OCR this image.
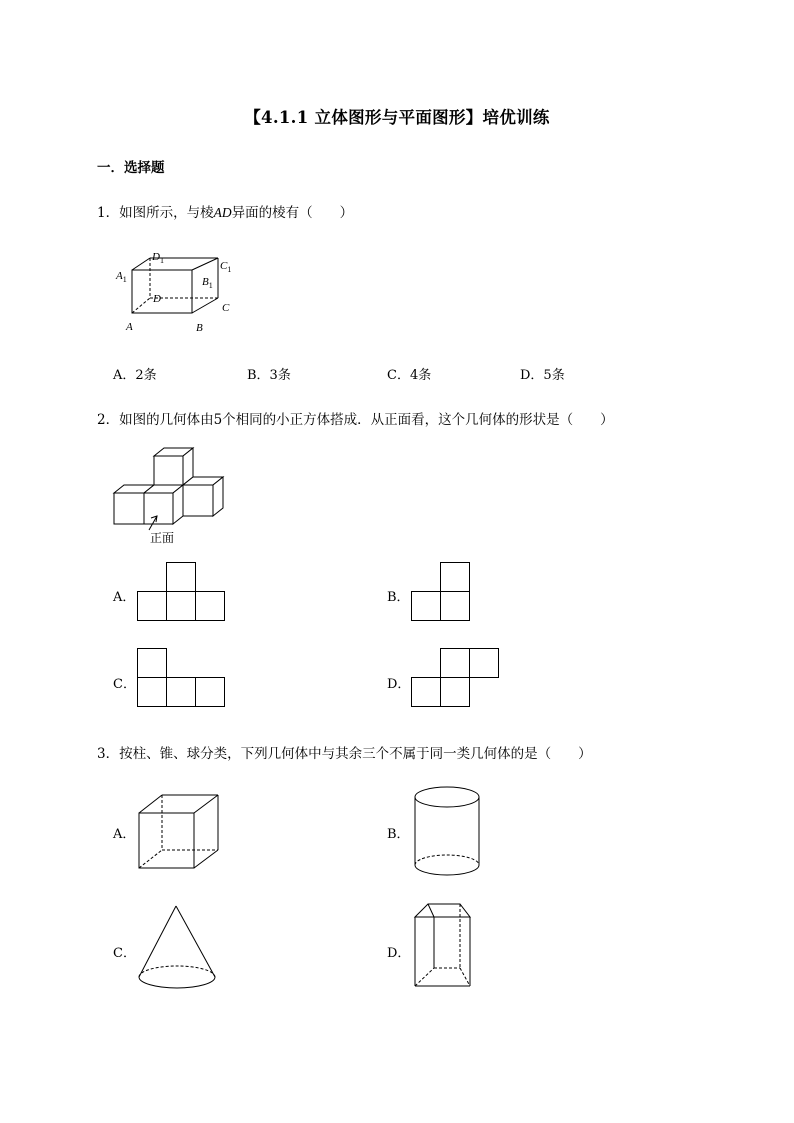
【4.1.1 立体图形与平面图形】培优训练
一．选择题
1．如图所示，与棱AD异面的棱有（　　）
$D_1$	$C_1$
$A_1$	$B_1$
D
C
A	B
A．2条	B．3条	C．4条	D．5条
2．如图的几何体由5个相同的小正方体搭成．从正面看，这个几何体的形状是（　　）
正面
A．	B．
C．	D．
3．按柱、锥、球分类，下列几何体中与其余三个不属于同一类几何体的是（　　）
A．	B．
C．	D．
